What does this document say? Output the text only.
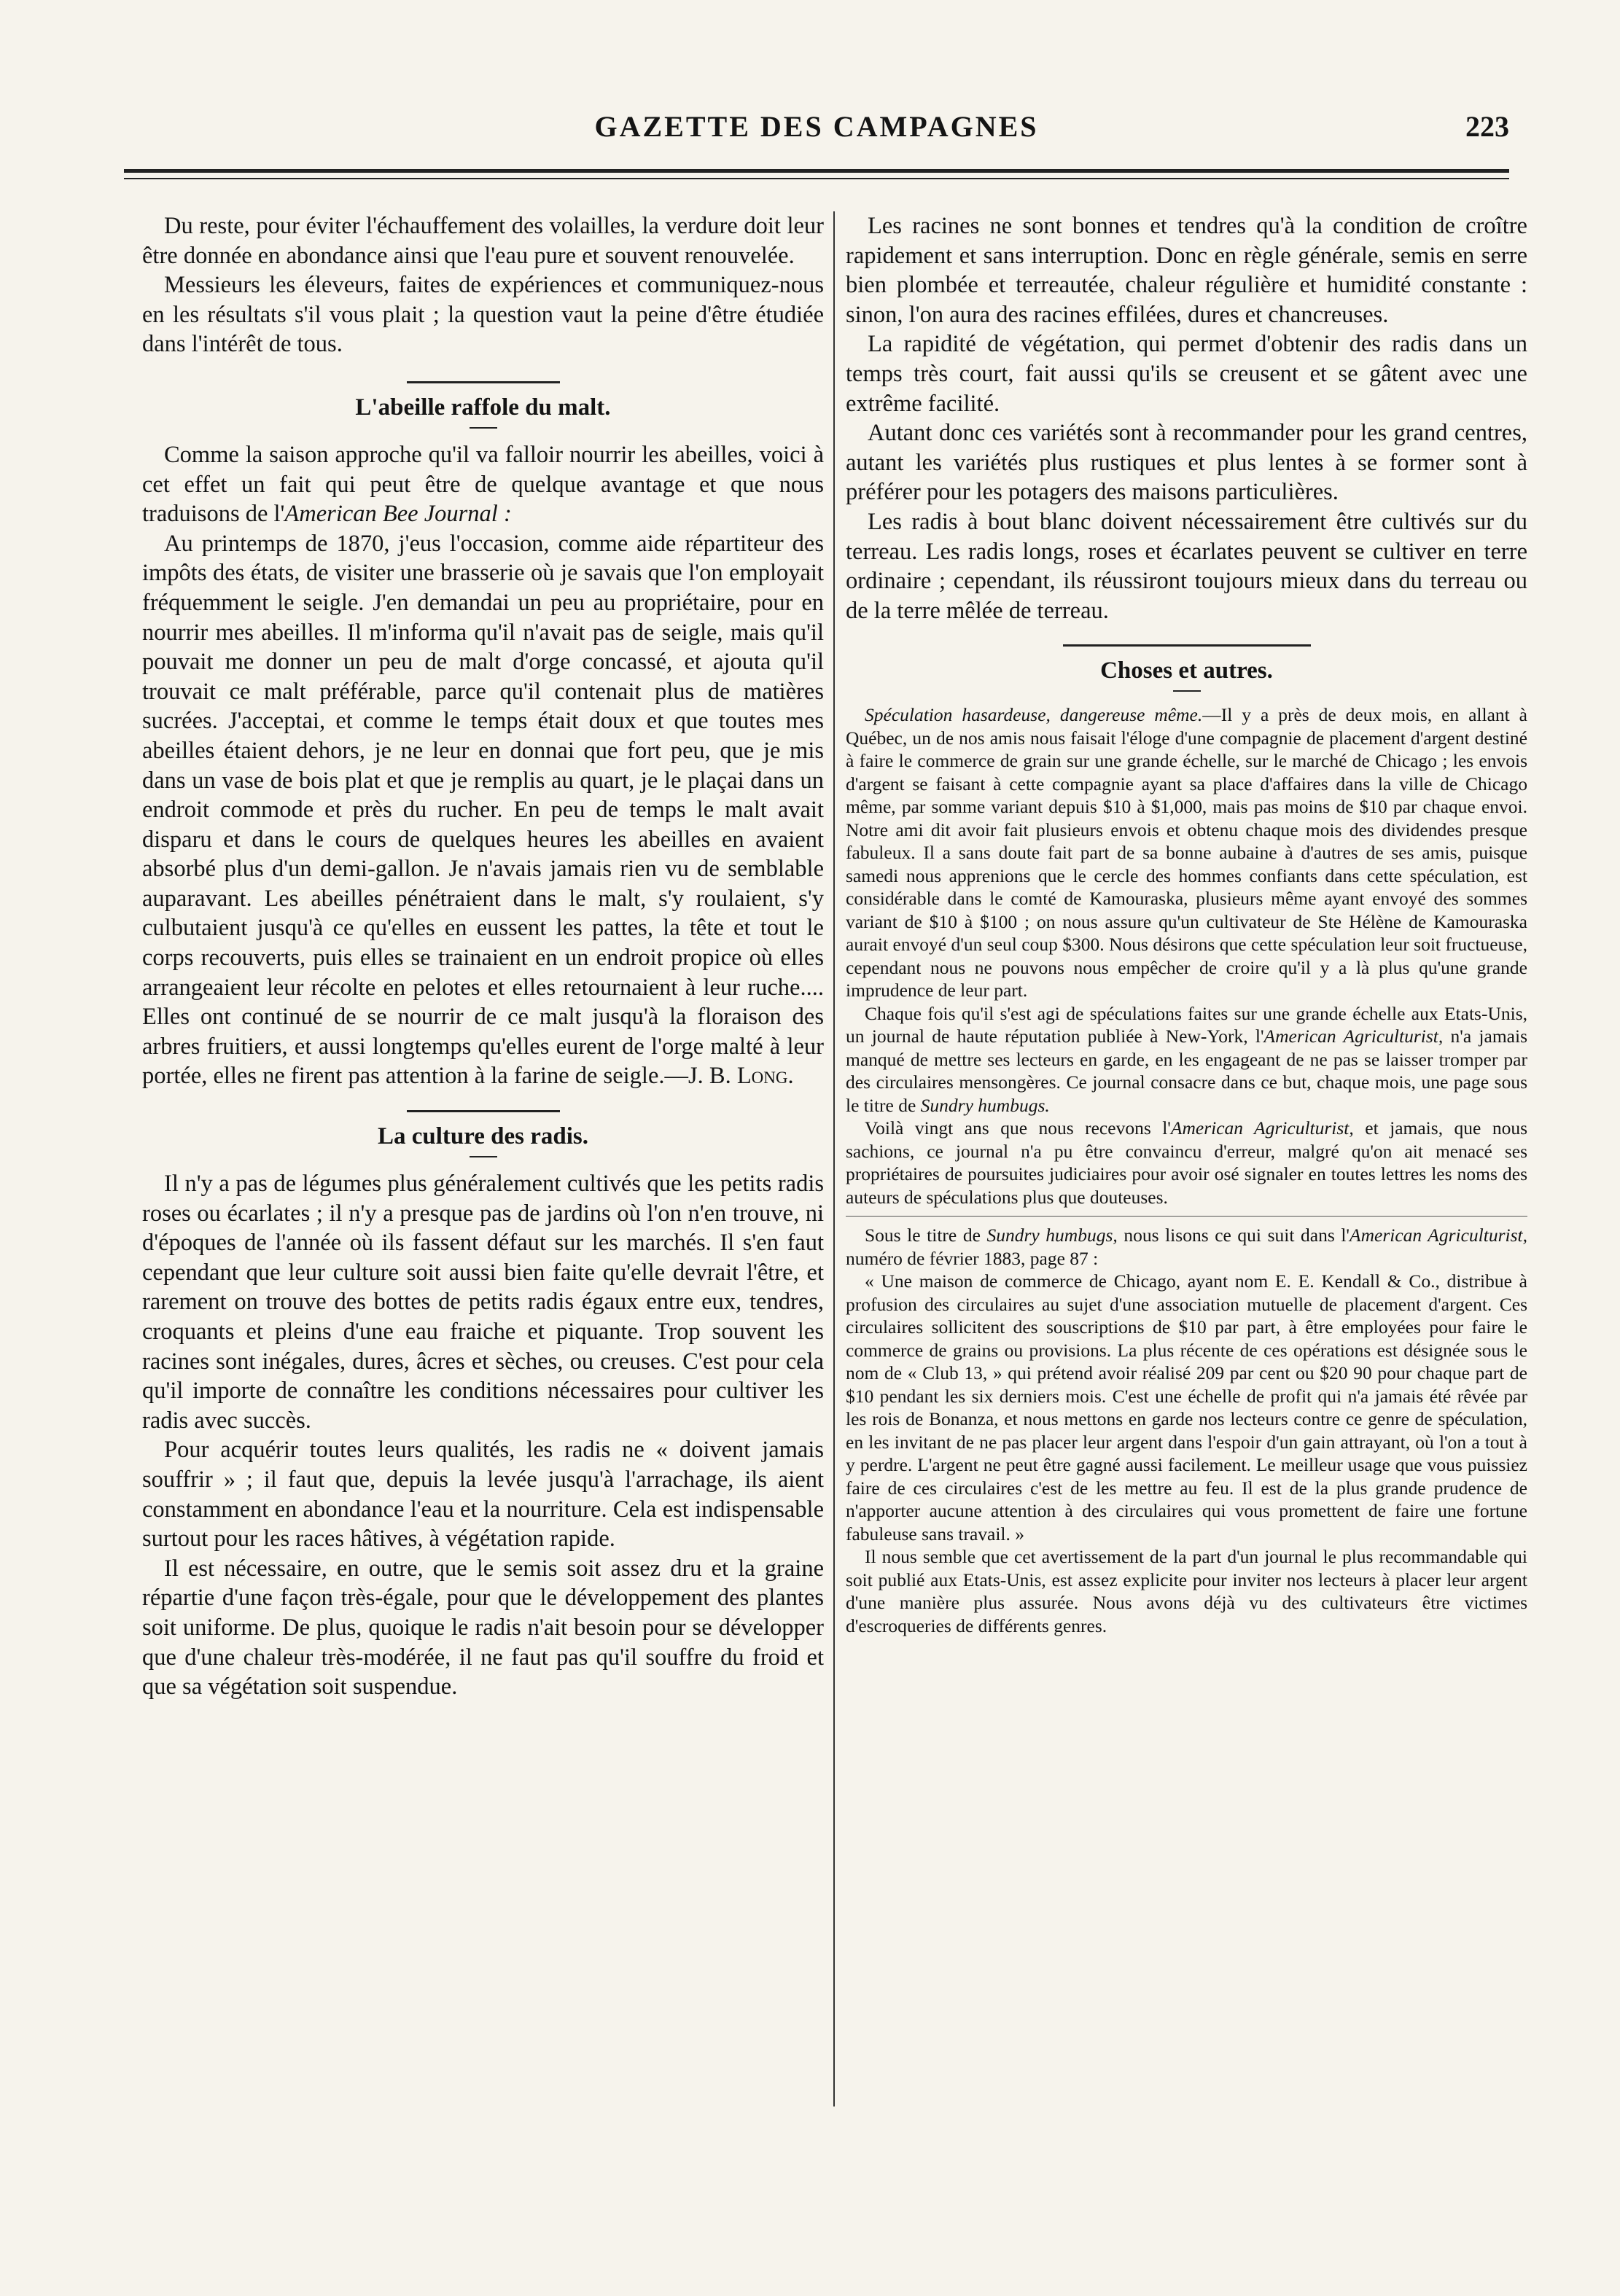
GAZETTE DES CAMPAGNES	223

Du reste, pour éviter l'échauffement des volailles, la verdure doit leur être donnée en abondance ainsi que l'eau pure et souvent renouvelée.

Messieurs les éleveurs, faites de expériences et communiquez-nous en les résultats s'il vous plait ; la question vaut la peine d'être étudiée dans l'intérêt de tous.

L'abeille raffole du malt.

Comme la saison approche qu'il va falloir nourrir les abeilles, voici à cet effet un fait qui peut être de quelque avantage et que nous traduisons de l'American Bee Journal :

Au printemps de 1870, j'eus l'occasion, comme aide répartiteur des impôts des états, de visiter une brasserie où je savais que l'on employait fréquemment le seigle. J'en demandai un peu au propriétaire, pour en nourrir mes abeilles. Il m'informa qu'il n'avait pas de seigle, mais qu'il pouvait me donner un peu de malt d'orge concassé, et ajouta qu'il trouvait ce malt préférable, parce qu'il contenait plus de matières sucrées. J'acceptai, et comme le temps était doux et que toutes mes abeilles étaient dehors, je ne leur en donnai que fort peu, que je mis dans un vase de bois plat et que je remplis au quart, je le plaçai dans un endroit commode et près du rucher. En peu de temps le malt avait disparu et dans le cours de quelques heures les abeilles en avaient absorbé plus d'un demi-gallon. Je n'avais jamais rien vu de semblable auparavant. Les abeilles pénétraient dans le malt, s'y roulaient, s'y culbutaient jusqu'à ce qu'elles en eussent les pattes, la tête et tout le corps recouverts, puis elles se trainaient en un endroit propice où elles arrangeaient leur récolte en pelotes et elles retournaient à leur ruche.... Elles ont continué de se nourrir de ce malt jusqu'à la floraison des arbres fruitiers, et aussi longtemps qu'elles eurent de l'orge malté à leur portée, elles ne firent pas attention à la farine de seigle.—J. B. Long.

La culture des radis.

Il n'y a pas de légumes plus généralement cultivés que les petits radis roses ou écarlates ; il n'y a presque pas de jardins où l'on n'en trouve, ni d'époques de l'année où ils fassent défaut sur les marchés. Il s'en faut cependant que leur culture soit aussi bien faite qu'elle devrait l'être, et rarement on trouve des bottes de petits radis égaux entre eux, tendres, croquants et pleins d'une eau fraiche et piquante. Trop souvent les racines sont inégales, dures, âcres et sèches, ou creuses. C'est pour cela qu'il importe de connaître les conditions nécessaires pour cultiver les radis avec succès.

Pour acquérir toutes leurs qualités, les radis ne « doivent jamais souffrir » ; il faut que, depuis la levée jusqu'à l'arrachage, ils aient constamment en abondance l'eau et la nourriture. Cela est indispensable surtout pour les races hâtives, à végétation rapide.

Il est nécessaire, en outre, que le semis soit assez dru et la graine répartie d'une façon très-égale, pour que le développement des plantes soit uniforme. De plus, quoique le radis n'ait besoin pour se développer que d'une chaleur très-modérée, il ne faut pas qu'il souffre du froid et que sa végétation soit suspendue.

Les racines ne sont bonnes et tendres qu'à la condition de croître rapidement et sans interruption. Donc en règle générale, semis en serre bien plombée et terreautée, chaleur régulière et humidité constante : sinon, l'on aura des racines effilées, dures et chancreuses.

La rapidité de végétation, qui permet d'obtenir des radis dans un temps très court, fait aussi qu'ils se creusent et se gâtent avec une extrême facilité.

Autant donc ces variétés sont à recommander pour les grand centres, autant les variétés plus rustiques et plus lentes à se former sont à préférer pour les potagers des maisons particulières.

Les radis à bout blanc doivent nécessairement être cultivés sur du terreau. Les radis longs, roses et écarlates peuvent se cultiver en terre ordinaire ; cependant, ils réussiront toujours mieux dans du terreau ou de la terre mêlée de terreau.

Choses et autres.

Spéculation hasardeuse, dangereuse même.—Il y a près de deux mois, en allant à Québec, un de nos amis nous faisait l'éloge d'une compagnie de placement d'argent destiné à faire le commerce de grain sur une grande échelle, sur le marché de Chicago ; les envois d'argent se faisant à cette compagnie ayant sa place d'affaires dans la ville de Chicago même, par somme variant depuis $10 à $1,000, mais pas moins de $10 par chaque envoi. Notre ami dit avoir fait plusieurs envois et obtenu chaque mois des dividendes presque fabuleux. Il a sans doute fait part de sa bonne aubaine à d'autres de ses amis, puisque samedi nous apprenions que le cercle des hommes confiants dans cette spéculation, est considérable dans le comté de Kamouraska, plusieurs même ayant envoyé des sommes variant de $10 à $100 ; on nous assure qu'un cultivateur de Ste Hélène de Kamouraska aurait envoyé d'un seul coup $300. Nous désirons que cette spéculation leur soit fructueuse, cependant nous ne pouvons nous empêcher de croire qu'il y a là plus qu'une grande imprudence de leur part.

Chaque fois qu'il s'est agi de spéculations faites sur une grande échelle aux Etats-Unis, un journal de haute réputation publiée à New-York, l'American Agriculturist, n'a jamais manqué de mettre ses lecteurs en garde, en les engageant de ne pas se laisser tromper par des circulaires mensongères. Ce journal consacre dans ce but, chaque mois, une page sous le titre de Sundry humbugs.

Voilà vingt ans que nous recevons l'American Agriculturist, et jamais, que nous sachions, ce journal n'a pu être convaincu d'erreur, malgré qu'on ait menacé ses propriétaires de poursuites judiciaires pour avoir osé signaler en toutes lettres les noms des auteurs de spéculations plus que douteuses.

Sous le titre de Sundry humbugs, nous lisons ce qui suit dans l'American Agriculturist, numéro de février 1883, page 87 :

« Une maison de commerce de Chicago, ayant nom E. E. Kendall & Co., distribue à profusion des circulaires au sujet d'une association mutuelle de placement d'argent. Ces circulaires sollicitent des souscriptions de $10 par part, à être employées pour faire le commerce de grains ou provisions. La plus récente de ces opérations est désignée sous le nom de « Club 13, » qui prétend avoir réalisé 209 par cent ou $20 90 pour chaque part de $10 pendant les six derniers mois. C'est une échelle de profit qui n'a jamais été rêvée par les rois de Bonanza, et nous mettons en garde nos lecteurs contre ce genre de spéculation, en les invitant de ne pas placer leur argent dans l'espoir d'un gain attrayant, où l'on a tout à y perdre. L'argent ne peut être gagné aussi facilement. Le meilleur usage que vous puissiez faire de ces circulaires c'est de les mettre au feu. Il est de la plus grande prudence de n'apporter aucune attention à des circulaires qui vous promettent de faire une fortune fabuleuse sans travail. »

Il nous semble que cet avertissement de la part d'un journal le plus recommandable qui soit publié aux Etats-Unis, est assez explicite pour inviter nos lecteurs à placer leur argent d'une manière plus assurée. Nous avons déjà vu des cultivateurs être victimes d'escroqueries de différents genres.
